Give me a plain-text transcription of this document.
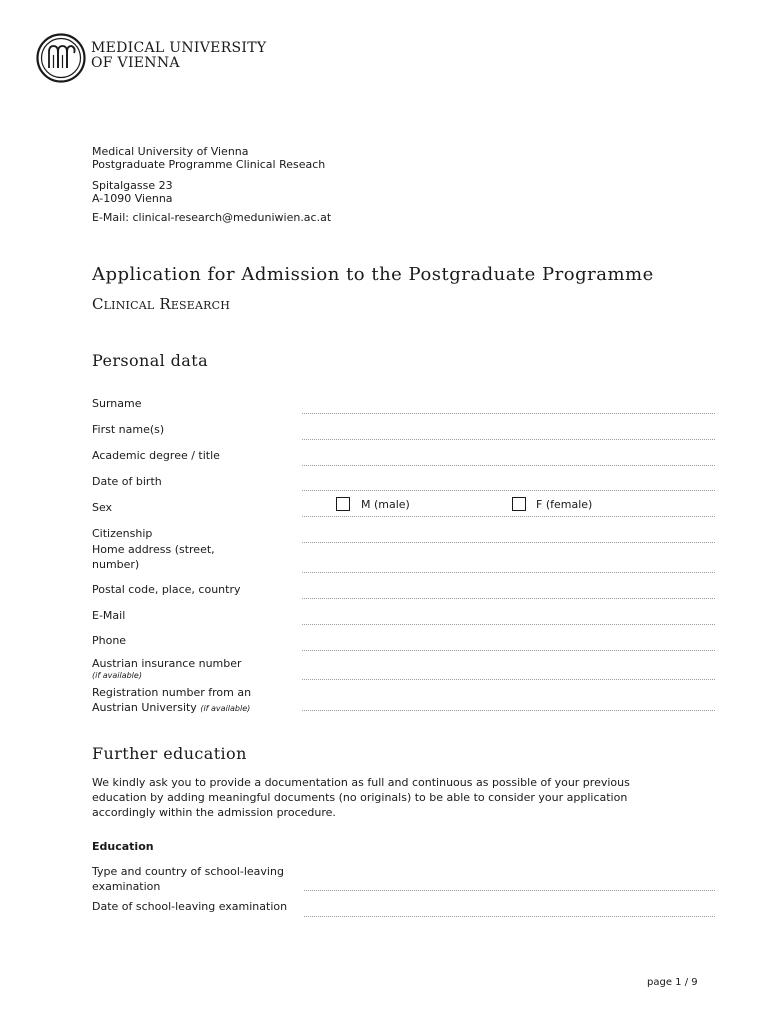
MEDICAL UNIVERSITY
OF VIENNA
Medical University of Vienna
Postgraduate Programme Clinical Reseach
Spitalgasse 23
A-1090 Vienna
E-Mail: clinical-research@meduniwien.ac.at
Application for Admission to the Postgraduate Programme
Clinical Research
Personal data
Surname
First name(s)
Academic degree / title
Date of birth
Sex	M (male)	F (female)
Citizenship
Home address (street, number)
Postal code, place, country
E-Mail
Phone
Austrian insurance number
(if available)
Registration number from an Austrian University (if available)
Further education
We kindly ask you to provide a documentation as full and continuous as possible of your previous education by adding meaningful documents (no originals) to be able to consider your application accordingly within the admission procedure.
Education
Type and country of school-leaving examination
Date of school-leaving examination
page 1 / 9
